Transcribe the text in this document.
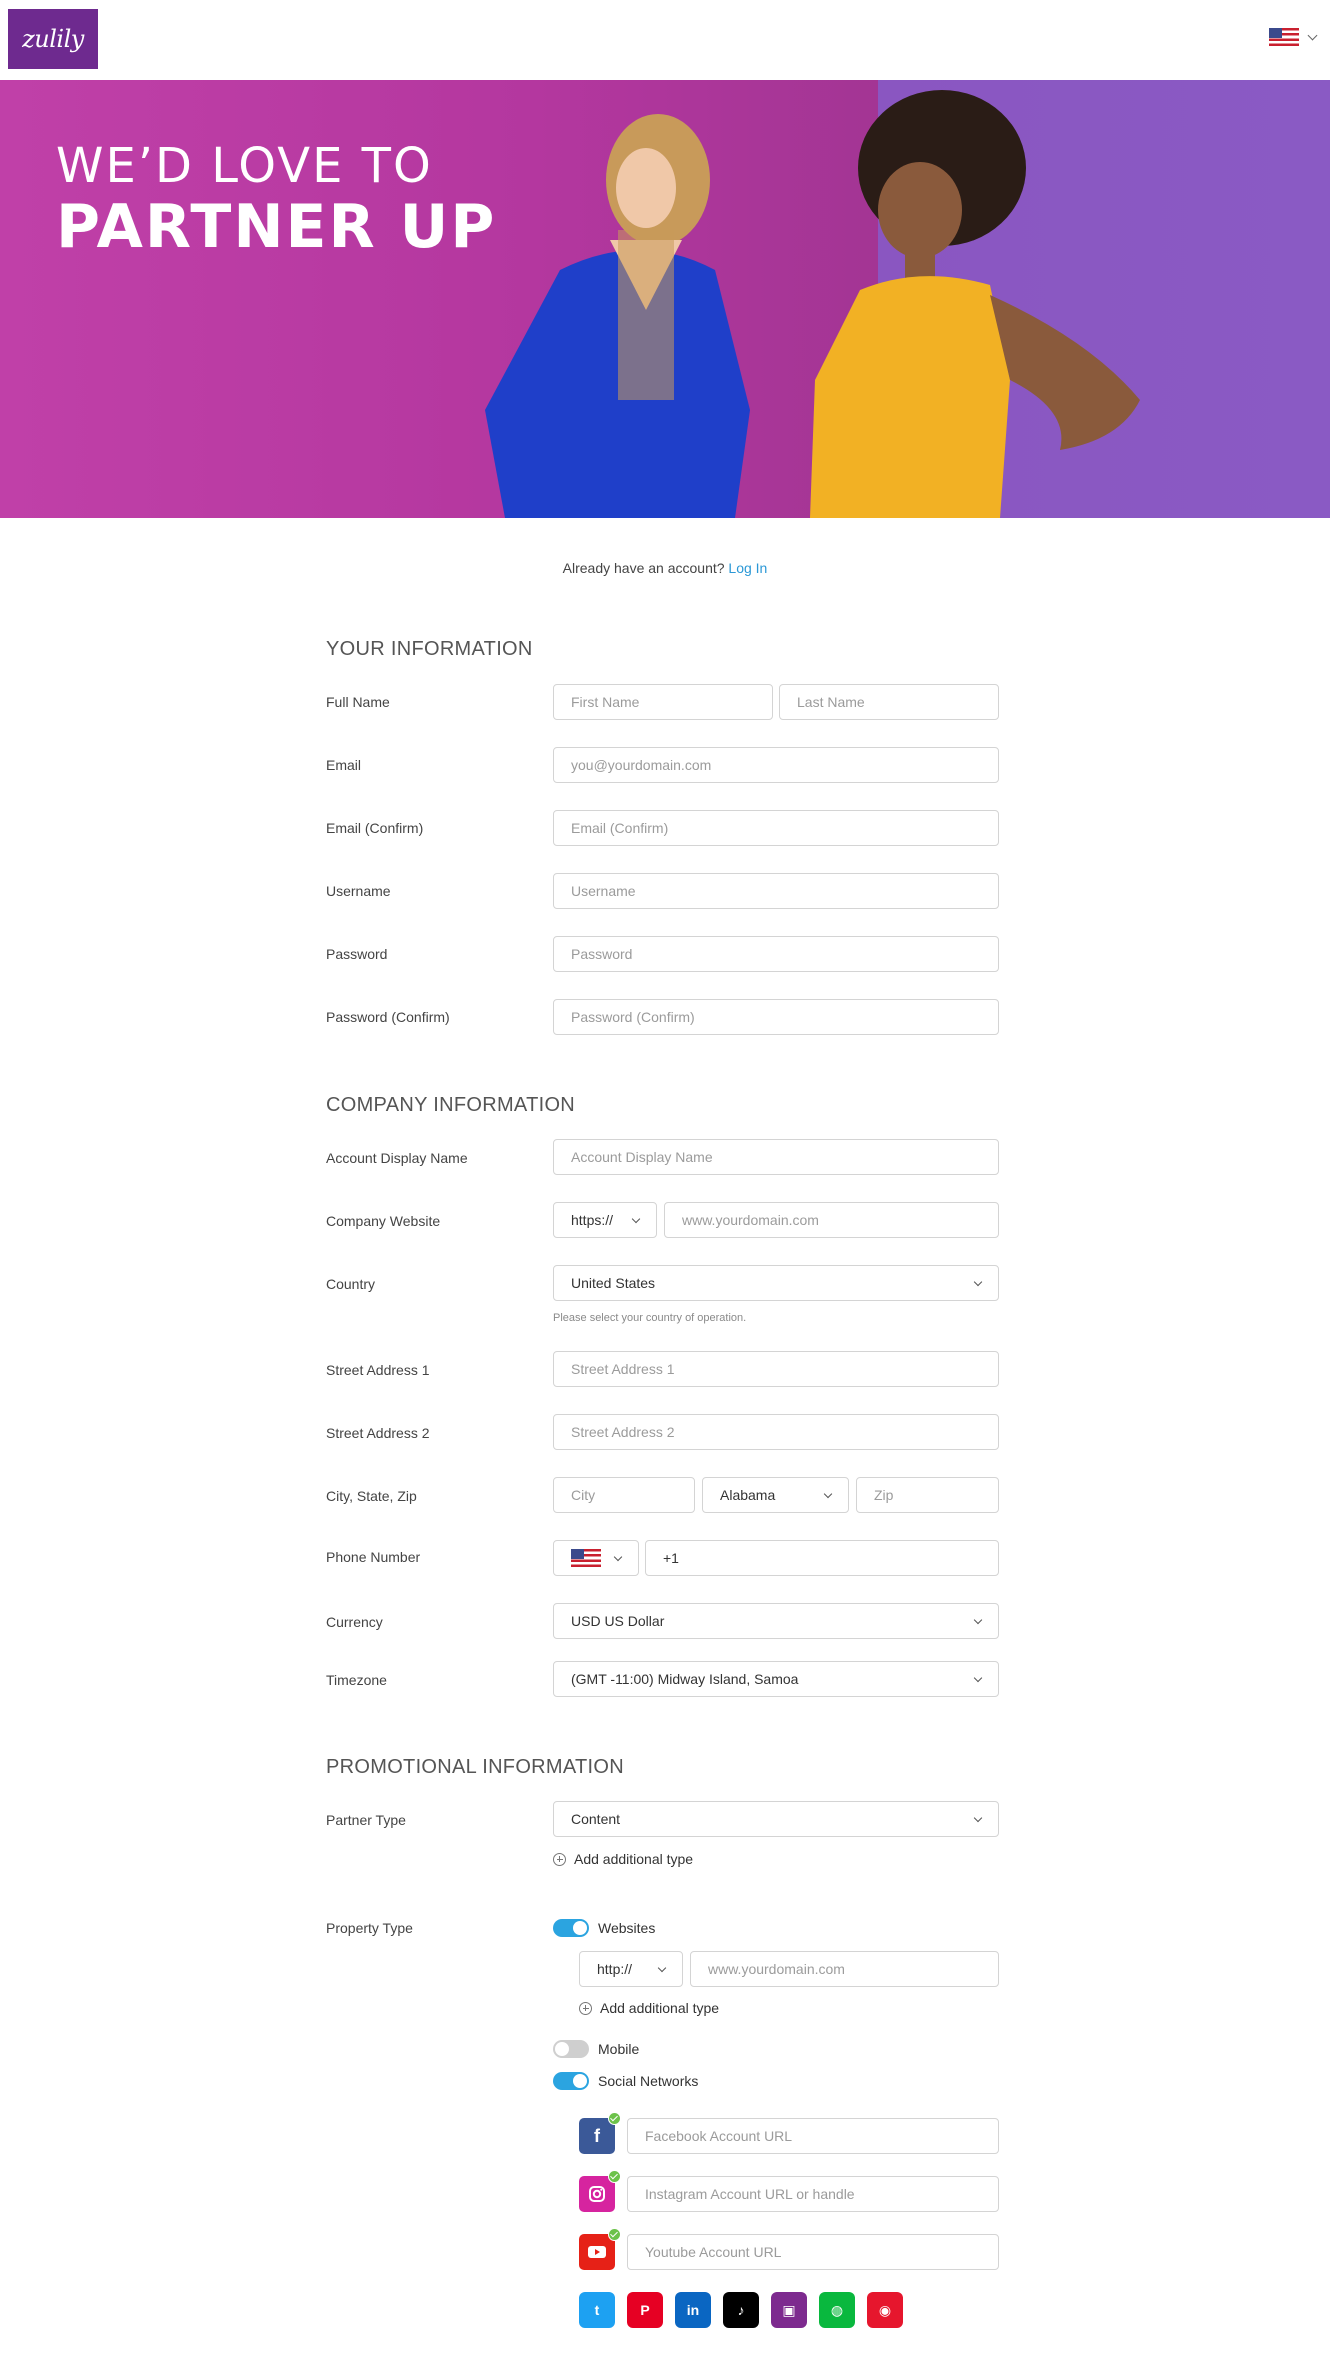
zulily
WE’D LOVE TO
PARTNER UP
Already have an account? Log In
YOUR INFORMATION
Full Name	First Name	Last Name
Email	you@yourdomain.com
Email (Confirm)	Email (Confirm)
Username	Username
Password	Password
Password (Confirm)	Password (Confirm)
COMPANY INFORMATION
Account Display Name	Account Display Name
Company Website	https://	www.yourdomain.com
Country	United States
Please select your country of operation.
Street Address 1	Street Address 1
Street Address 2	Street Address 2
City, State, Zip	City	Alabama	Zip
Phone Number	+1
Currency	USD US Dollar
Timezone	(GMT -11:00) Midway Island, Samoa
PROMOTIONAL INFORMATION
Partner Type	Content
Add additional type
Property Type	Websites
http://	www.yourdomain.com
Add additional type
Mobile
Social Networks
f	Facebook Account URL
Instagram Account URL or handle
Youtube Account URL
t	P	in	♪	▣	◍	◉
